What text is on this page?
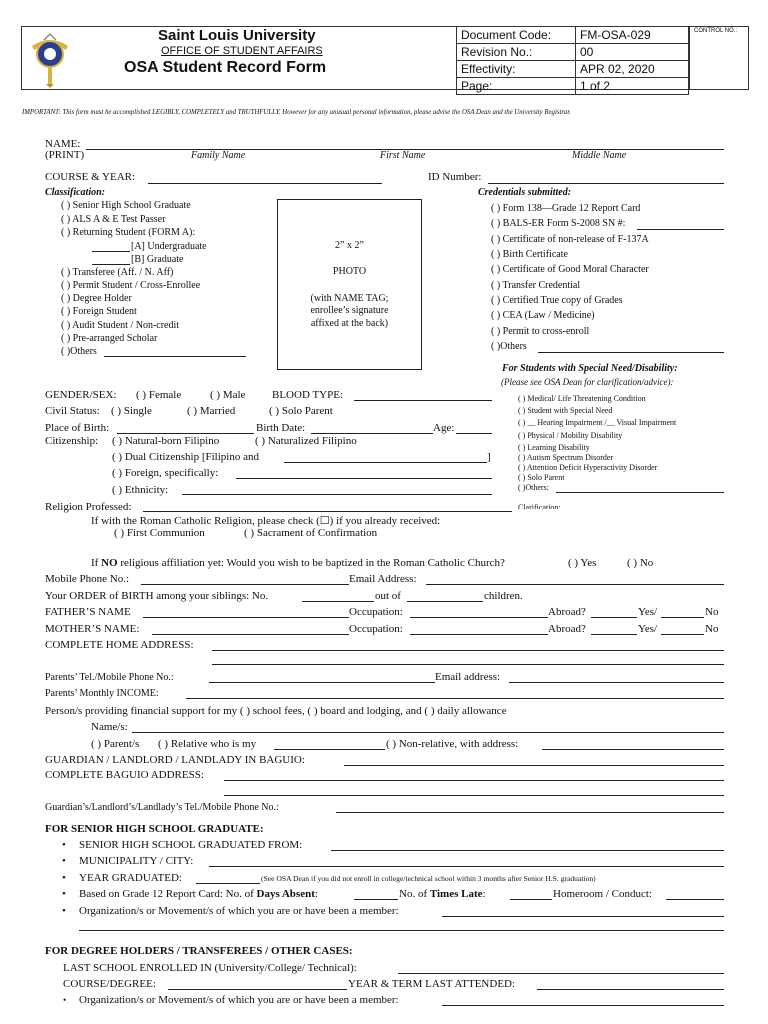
Saint Louis University
OFFICE OF STUDENT AFFAIRS
OSA Student Record Form
Document Code:	FM-OSA-029
Revision No.:	00
Effectivity:	APR 02, 2020
Page:	1 of 2
CONTROL NO.:
IMPORTANT: This form must be accomplished LEGIBLY, COMPLETELY and TRUTHFULLY. However for any unusual personal information, please advise the OSA Dean and the University Registrar.
NAME:
(PRINT)	Family Name	First Name	Middle Name
COURSE & YEAR:	ID Number:
Classification:
( ) Senior High School Graduate
( ) ALS A & E Test Passer
( ) Returning Student (FORM A):
[A] Undergraduate
[B] Graduate
( ) Transferee (Aff. / N. Aff)
( ) Permit Student / Cross-Enrollee
( ) Degree Holder
( ) Foreign Student
( ) Audit Student / Non-credit
( ) Pre-arranged Scholar
( )Others
2” x 2”
PHOTO
(with NAME TAG;
enrollee’s signature
affixed at the back)
Credentials submitted:
( ) Form 138—Grade 12 Report Card
( ) BALS-ER Form S-2008 SN #:
( ) Certificate of non-release of F-137A
( ) Birth Certificate
( ) Certificate of Good Moral Character
( ) Transfer Credential
( ) Certified True copy of Grades
( ) CEA (Law / Medicine)
( ) Permit to cross-enroll
( )Others
For Students with Special Need/Disability:
(Please see OSA Dean for clarification/advice):
( ) Medical/ Life Threatening Condition
( ) Student with Special Need
( ) __ Hearing Impairment /__ Visual Impairment
( ) Physical / Mobility Disability
( ) Learning Disability
( ) Autism Spectrum Disorder
( ) Attention Deficit Hyperactivity Disorder
( ) Solo Parent
( )Others:
Clarification:
GENDER/SEX: ( ) Female	( ) Male BLOOD TYPE:
Civil Status: ( ) Single	( ) Married	( ) Solo Parent
Place of Birth:	Birth Date:	Age:
Citizenship: ( ) Natural-born Filipino	( ) Naturalized Filipino
( ) Dual Citizenship [Filipino and	]
( ) Foreign, specifically:
( ) Ethnicity:
Religion Professed:
If with the Roman Catholic Religion, please check (☐) if you already received:
( ) First Communion	( ) Sacrament of Confirmation
If NO religious affiliation yet: Would you wish to be baptized in the Roman Catholic Church?	( ) Yes	( ) No
Mobile Phone No.:	Email Address:
Your ORDER of BIRTH among your siblings: No.	out of	children.
FATHER’S NAME	Occupation:	Abroad?	Yes/	No
MOTHER’S NAME:	Occupation:	Abroad?	Yes/	No
COMPLETE HOME ADDRESS:
Parents’ Tel./Mobile Phone No.:	Email address:
Parents’ Monthly INCOME:
Person/s providing financial support for my ( ) school fees, ( ) board and lodging, and ( ) daily allowance
Name/s:
( ) Parent/s ( ) Relative who is my	( ) Non-relative, with address:
GUARDIAN / LANDLORD / LANDLADY IN BAGUIO:
COMPLETE BAGUIO ADDRESS:
Guardian’s/Landlord’s/Landlady’s Tel./Mobile Phone No.:
FOR SENIOR HIGH SCHOOL GRADUATE:
• SENIOR HIGH SCHOOL GRADUATED FROM:
• MUNICIPALITY / CITY:
• YEAR GRADUATED:	(See OSA Dean if you did not enroll in college/technical school within 3 months after Senior H.S. graduation)
• Based on Grade 12 Report Card: No. of Days Absent:	No. of Times Late:	Homeroom / Conduct:
• Organization/s or Movement/s of which you are or have been a member:
FOR DEGREE HOLDERS / TRANSFEREES / OTHER CASES:
LAST SCHOOL ENROLLED IN (University/College/ Technical):
COURSE/DEGREE:	YEAR & TERM LAST ATTENDED:
• Organization/s or Movement/s of which you are or have been a member:
